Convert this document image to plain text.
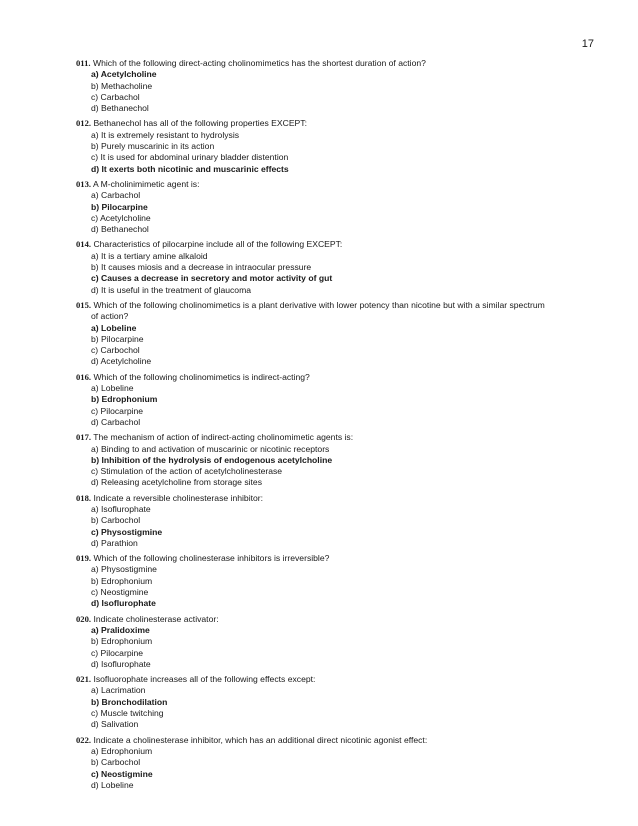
17
011. Which of the following direct-acting cholinomimetics has the shortest duration of action?
a) Acetylcholine
b) Methacholine
c) Carbachol
d) Bethanechol
012. Bethanechol has all of the following properties EXCEPT:
a) It is extremely resistant to hydrolysis
b) Purely muscarinic in its action
c) It is used for abdominal urinary bladder distention
d) It exerts both nicotinic and muscarinic effects
013. A M-cholinimimetic agent is:
a) Carbachol
b) Pilocarpine
c) Acetylcholine
d) Bethanechol
014. Characteristics of pilocarpine include all of the following EXCEPT:
a) It is a tertiary amine alkaloid
b) It causes miosis and a decrease in intraocular pressure
c) Causes a decrease in secretory and motor activity of gut
d) It is useful in the treatment of glaucoma
015. Which of the following cholinomimetics is a plant derivative with lower potency than nicotine but with a similar spectrum
of action?
a) Lobeline
b) Pilocarpine
c) Carbochol
d) Acetylcholine
016. Which of the following cholinomimetics is indirect-acting?
a) Lobeline
b) Edrophonium
c) Pilocarpine
d) Carbachol
017. The mechanism of action of indirect-acting cholinomimetic agents is:
a) Binding to and activation of muscarinic or nicotinic receptors
b) Inhibition of the hydrolysis of endogenous acetylcholine
c) Stimulation of the action of acetylcholinesterase
d) Releasing acetylcholine from storage sites
018. Indicate a reversible cholinesterase inhibitor:
a) Isoflurophate
b) Carbochol
c) Physostigmine
d) Parathion
019. Which of the following cholinesterase inhibitors is irreversible?
a) Physostigmine
b) Edrophonium
c) Neostigmine
d) Isoflurophate
020. Indicate cholinesterase activator:
a) Pralidoxime
b) Edrophonium
c) Pilocarpine
d) Isoflurophate
021. Isofluorophate increases all of the following effects except:
a) Lacrimation
b) Bronchodilation
c) Muscle twitching
d) Salivation
022. Indicate a cholinesterase inhibitor, which has an additional direct nicotinic agonist effect:
a) Edrophonium
b) Carbochol
c) Neostigmine
d) Lobeline
